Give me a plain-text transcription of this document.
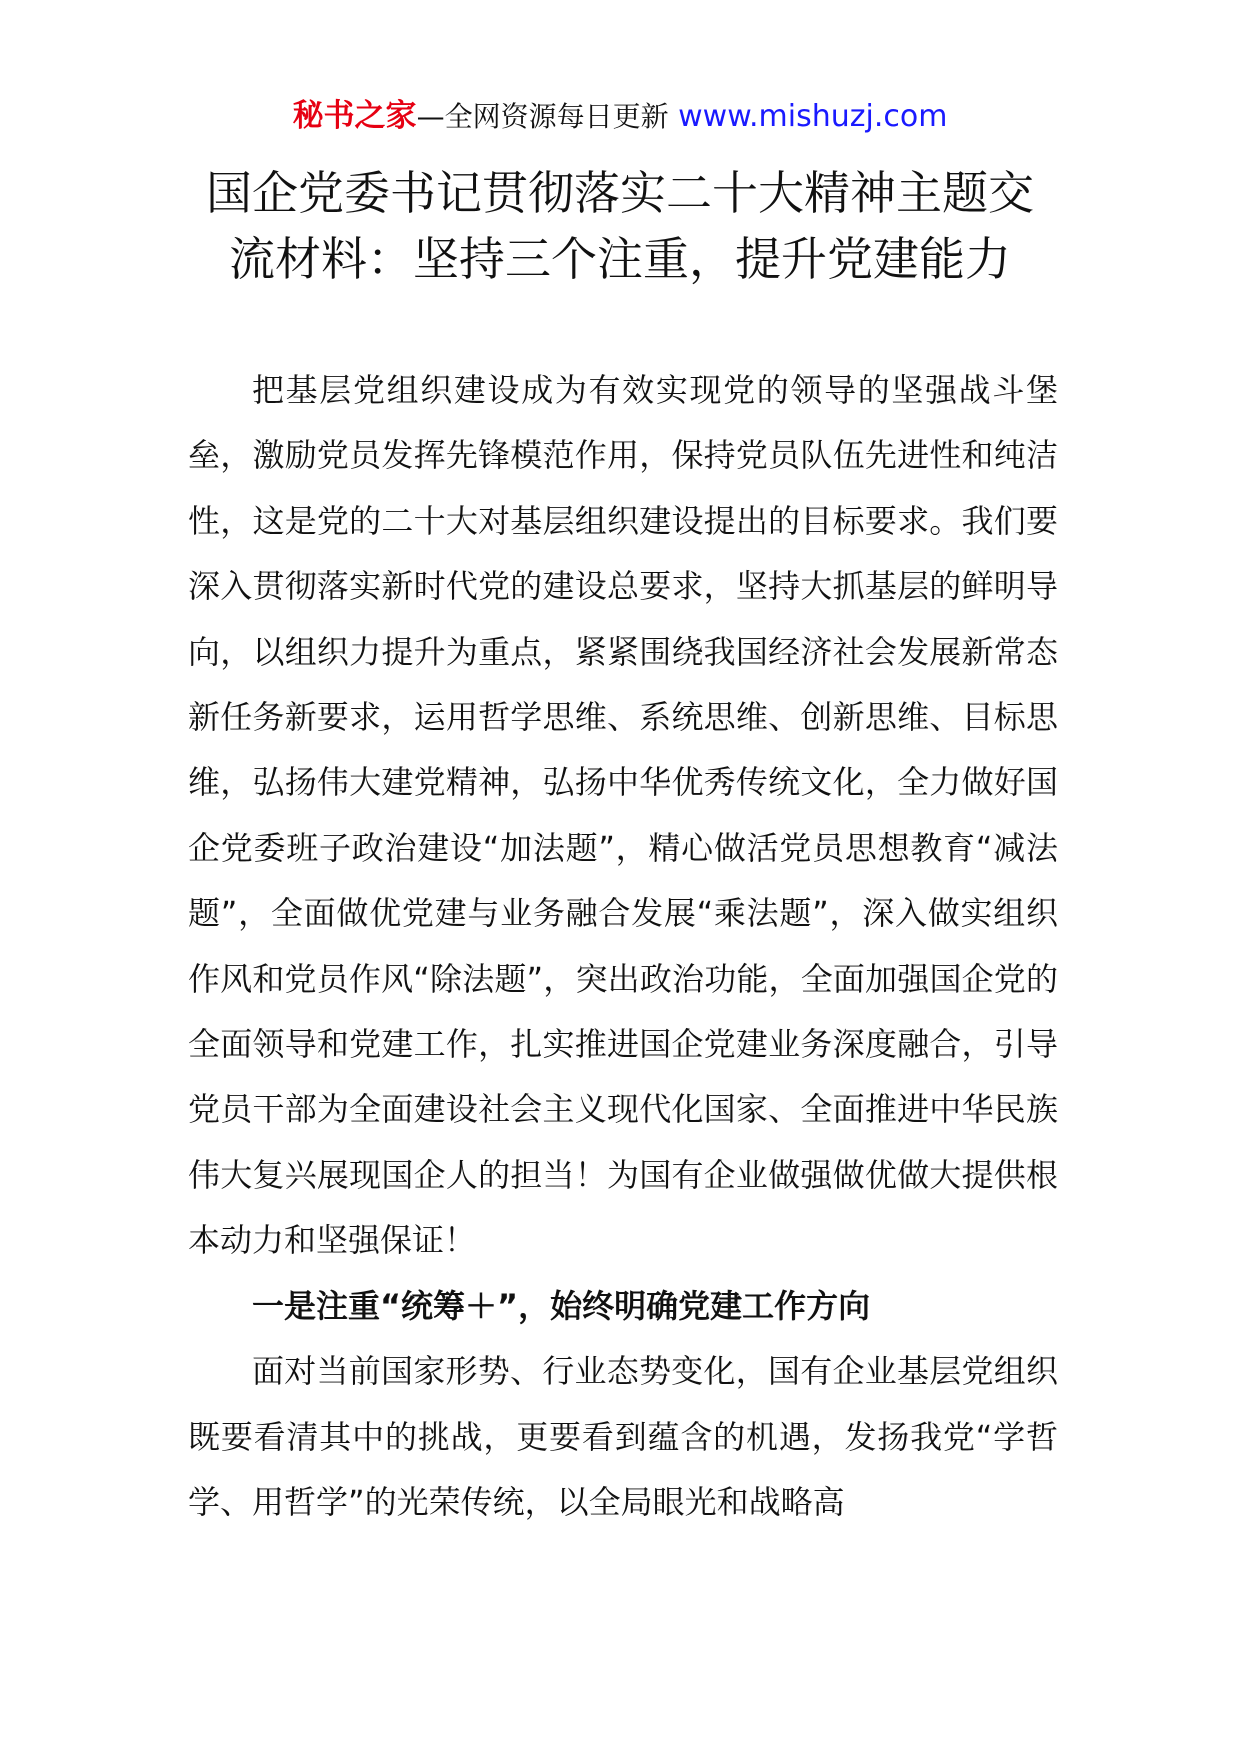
秘书之家—全网资源每日更新 www.mishuzj.com
国企党委书记贯彻落实二十大精神主题交
流材料：坚持三个注重，提升党建能力

把基层党组织建设成为有效实现党的领导的坚强战斗堡垒，激励党员发挥先锋模范作用，保持党员队伍先进性和纯洁性，这是党的二十大对基层组织建设提出的目标要求。我们要深入贯彻落实新时代党的建设总要求，坚持大抓基层的鲜明导向，以组织力提升为重点，紧紧围绕我国经济社会发展新常态新任务新要求，运用哲学思维、系统思维、创新思维、目标思维，弘扬伟大建党精神，弘扬中华优秀传统文化，全力做好国企党委班子政治建设“加法题”，精心做活党员思想教育“减法题”，全面做优党建与业务融合发展“乘法题”，深入做实组织作风和党员作风“除法题”，突出政治功能，全面加强国企党的全面领导和党建工作，扎实推进国企党建业务深度融合，引导党员干部为全面建设社会主义现代化国家、全面推进中华民族伟大复兴展现国企人的担当！为国有企业做强做优做大提供根本动力和坚强保证！

一是注重“统筹＋”，始终明确党建工作方向

面对当前国家形势、行业态势变化，国有企业基层党组织既要看清其中的挑战，更要看到蕴含的机遇，发扬我党“学哲学、用哲学”的光荣传统，以全局眼光和战略高
